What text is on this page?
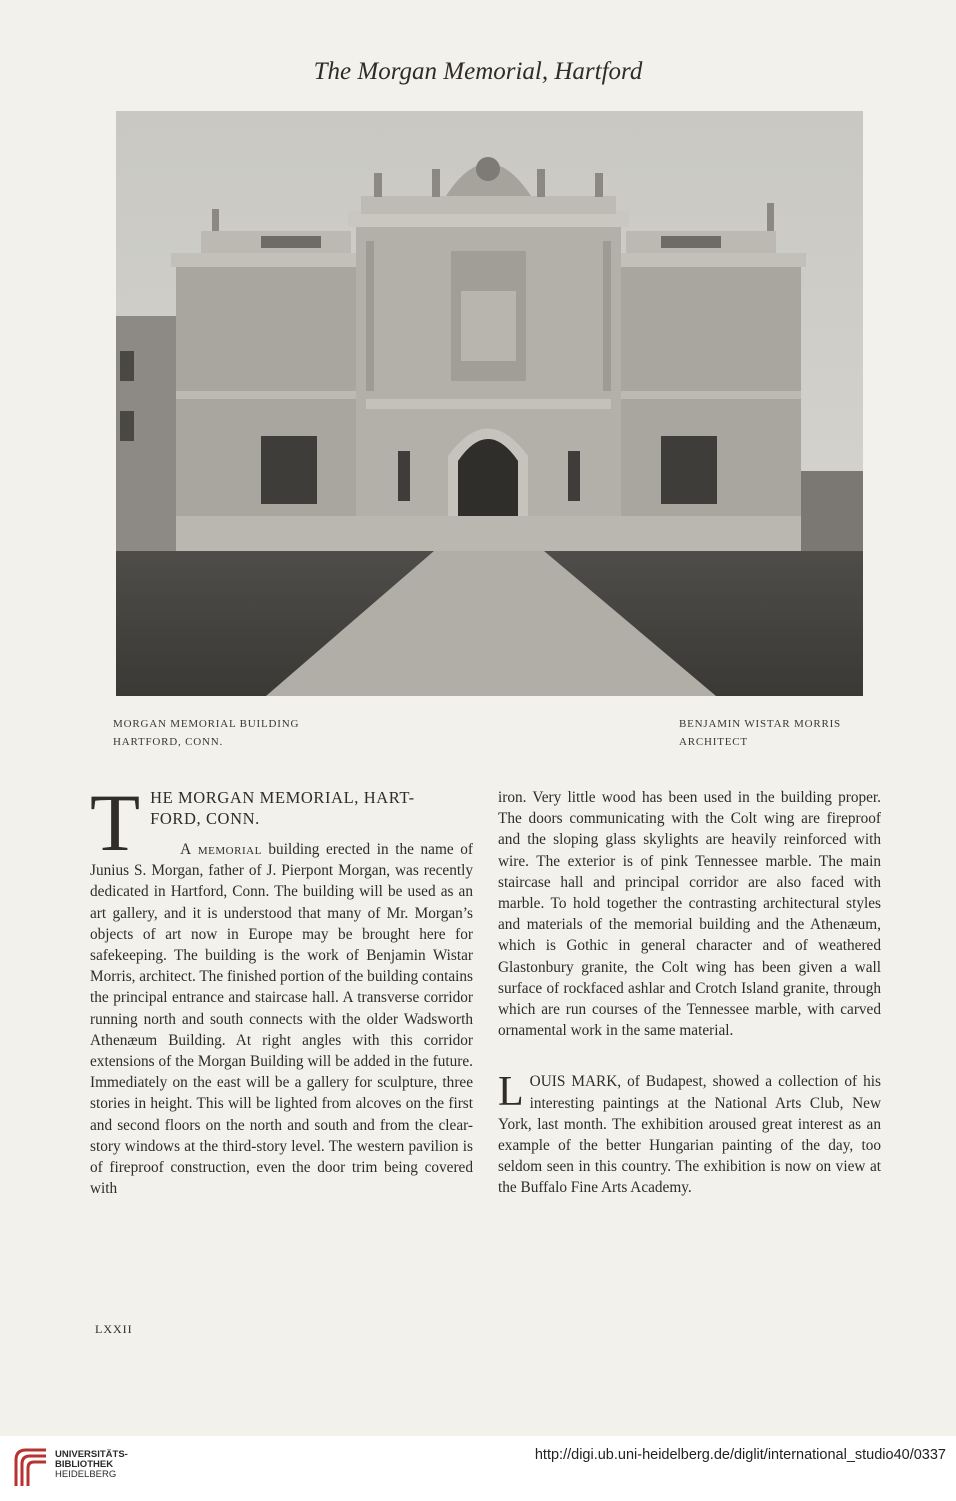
The Morgan Memorial, Hartford
MORGAN MEMORIAL BUILDING
HARTFORD, CONN.
BENJAMIN WISTAR MORRIS
ARCHITECT
T HE MORGAN MEMORIAL, HART-
FORD, CONN.

A memorial building erected in the name of Junius S. Morgan, father of J. Pierpont Morgan, was recently dedicated in Hartford, Conn. The building will be used as an art gallery, and it is understood that many of Mr. Morgan’s objects of art now in Europe may be brought here for safekeeping. The building is the work of Benjamin Wistar Morris, architect. The finished portion of the building contains the principal entrance and staircase hall. A transverse corridor running north and south connects with the older Wadsworth Athenæum Building. At right angles with this corridor extensions of the Morgan Building will be added in the future. Immediately on the east will be a gallery for sculpture, three stories in height. This will be lighted from alcoves on the first and second floors on the north and south and from the clear-story windows at the third-story level. The western pavilion is of fireproof construction, even the door trim being covered with

iron. Very little wood has been used in the building proper. The doors communicating with the Colt wing are fireproof and the sloping glass skylights are heavily reinforced with wire. The exterior is of pink Tennessee marble. The main staircase hall and principal corridor are also faced with marble. To hold together the contrasting architectural styles and materials of the memorial building and the Athenæum, which is Gothic in general character and of weathered Glastonbury granite, the Colt wing has been given a wall surface of rockfaced ashlar and Crotch Island granite, through which are run courses of the Tennessee marble, with carved ornamental work in the same material.

LOUIS MARK, of Budapest, showed a collection of his interesting paintings at the National Arts Club, New York, last month. The exhibition aroused great interest as an example of the better Hungarian painting of the day, too seldom seen in this country. The exhibition is now on view at the Buffalo Fine Arts Academy.

LXXII
UNIVERSITÄTS-
BIBLIOTHEK
HEIDELBERG
http://digi.ub.uni-heidelberg.de/diglit/international_studio40/0337
